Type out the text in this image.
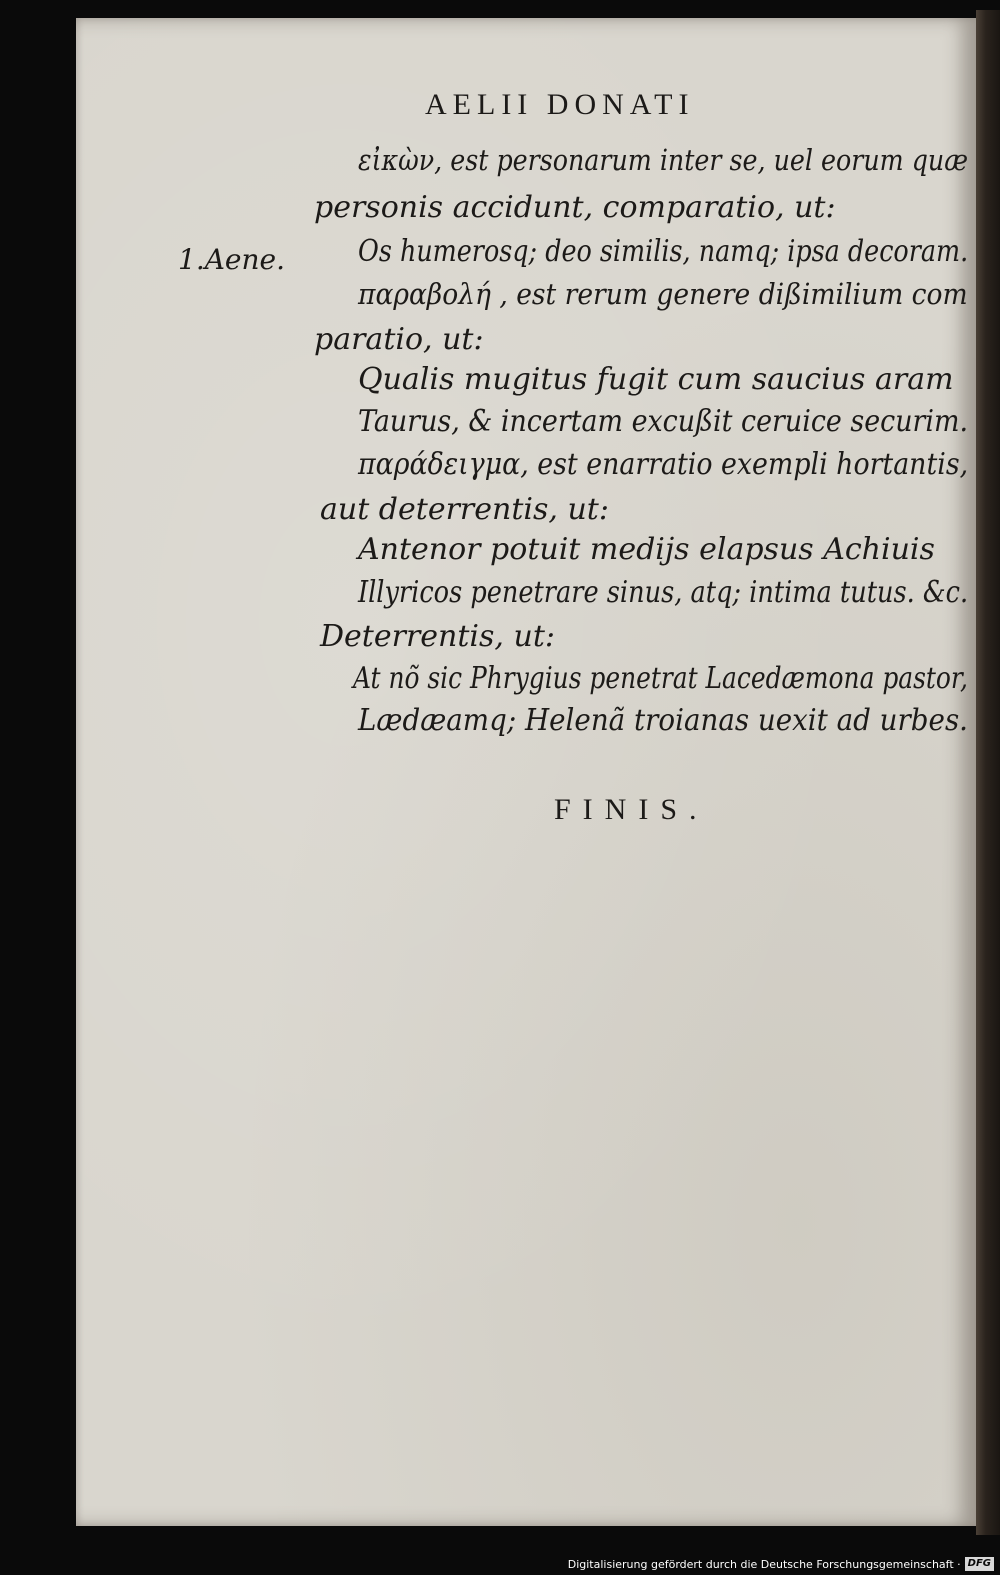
AELII DONATI
1.Aene.
εἰκὼν, est personarum inter se, uel eorum quæ
personis accidunt, comparatio, ut:
Os humerosq; deo similis, namq; ipsa decoram.
παραβολή , est rerum genere dißimilium com
paratio, ut:
Qualis mugitus fugit cum saucius aram
Taurus, & incertam excußit ceruice securim.
παράδειγμα, est enarratio exempli hortantis,
aut deterrentis, ut:
Antenor potuit medijs elapsus Achiuis
Illyricos penetrare sinus, atq; intima tutus. &c.
Deterrentis, ut:
At nõ sic Phrygius penetrat Lacedæmona pastor,
Lædæamq; Helenã troianas uexit ad urbes.
FINIS.
Digitalisierung gefördert durch die Deutsche Forschungsgemeinschaft · DFG
